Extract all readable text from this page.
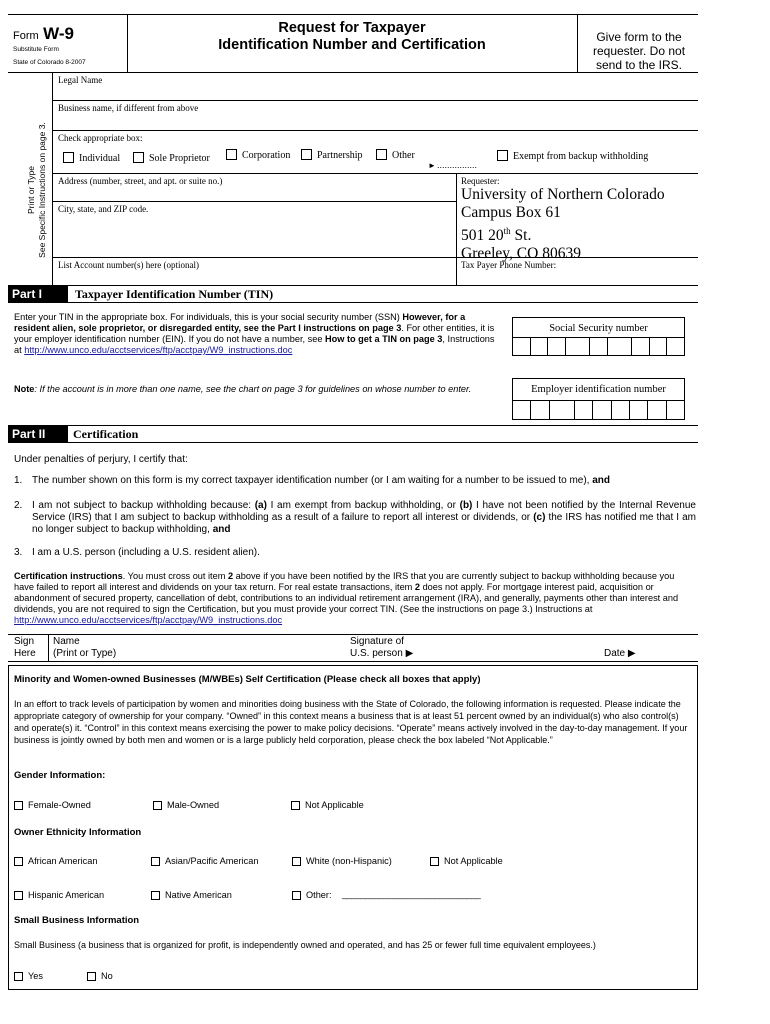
Form W-9
Substitute Form
State of Colorado 8-2007
Request for Taxpayer
Identification Number and Certification	Give form to the
requester. Do not
send to the IRS.
Print or Type See Specific Instructions on page 3.
Legal Name
Business name, if different from above
Check appropriate box:
Individual	Sole Proprietor	Corporation	Partnership	Other
► ................
Exempt from backup withholding
Address (number, street, and apt. or suite no.)	Requester:
University of Northern Colorado
Campus Box 61
501 20th St.
Greeley, CO 80639
City, state, and ZIP code.
List Account number(s) here (optional)	Tax Payer Phone Number:
Part I	Taxpayer Identification Number (TIN)
Enter your TIN in the appropriate box. For individuals, this is your social security number (SSN) However, for a resident alien, sole proprietor, or disregarded entity, see the Part I instructions on page 3. For other entities, it is your employer identification number (EIN). If you do not have a number, see How to get a TIN on page 3, Instructions at http://www.unco.edu/acctservices/ftp/acctpay/W9_instructions.doc
Note: If the account is in more than one name, see the chart on page 3 for guidelines on whose number to enter.
Social Security number
Employer identification number
Part II	Certification
Under penalties of perjury, I certify that:
1. The number shown on this form is my correct taxpayer identification number (or I am waiting for a number to be issued to me), and
2. I am not subject to backup withholding because: (a) I am exempt from backup withholding, or (b) I have not been notified by the Internal Revenue Service (IRS) that I am subject to backup withholding as a result of a failure to report all interest or dividends, or (c) the IRS has notified me that I am no longer subject to backup withholding, and
3. I am a U.S. person (including a U.S. resident alien).
Certification instructions. You must cross out item 2 above if you have been notified by the IRS that you are currently subject to backup withholding because you have failed to report all interest and dividends on your tax return. For real estate transactions, item 2 does not apply. For mortgage interest paid, acquisition or abandonment of secured property, cancellation of debt, contributions to an individual retirement arrangement (IRA), and generally, payments other than interest and dividends, you are not required to sign the Certification, but you must provide your correct TIN. (See the instructions on page 3.) Instructions at http://www.unco.edu/acctservices/ftp/acctpay/W9_instructions.doc
Sign
Here
Name
(Print or Type)
Signature of
U.S. person ▶	Date ▶
Minority and Women-owned Businesses (M/WBEs) Self Certification (Please check all boxes that apply)
In an effort to track levels of participation by women and minorities doing business with the State of Colorado, the following information is requested. Please indicate the appropriate category of ownership for your company. “Owned” in this context means a business that is at least 51 percent owned by an individual(s) who also control(s) and operate(s) it. “Control” in this context means exercising the power to make policy decisions. “Operate” means actively involved in the day-to-day management. If your business is jointly owned by both men and women or is a large publicly held corporation, please check the box labeled “Not Applicable.”
Gender Information:
Female-Owned	Male-Owned	Not Applicable
Owner Ethnicity Information
African American	Asian/Pacific American	White (non-Hispanic)	Not Applicable
Hispanic American	Native American	Other: ______________________________
Small Business Information
Small Business (a business that is organized for profit, is independently owned and operated, and has 25 or fewer full time equivalent employees.)
Yes	No
